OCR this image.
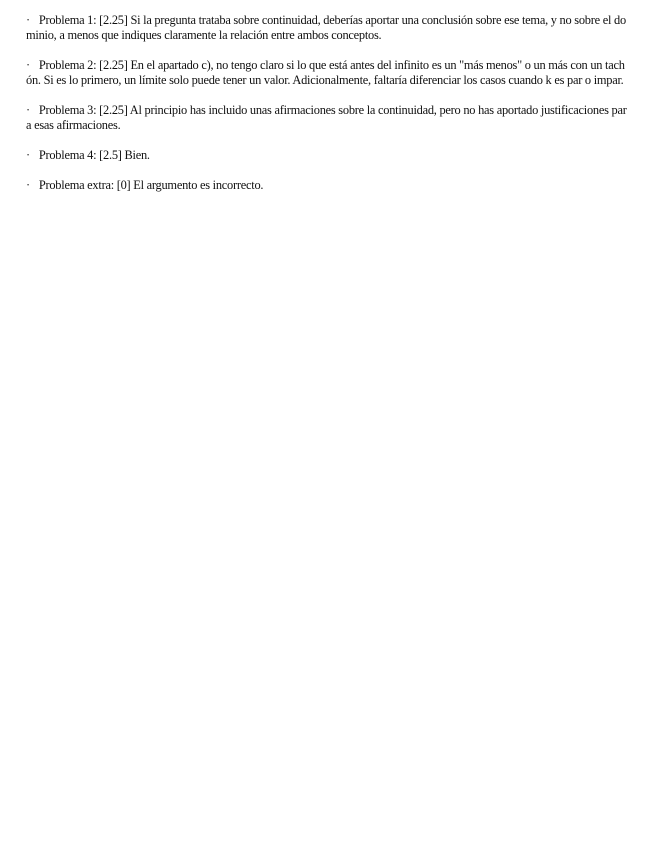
· Problema 1: [2.25] Si la pregunta trataba sobre continuidad, deberías aportar una conclusión sobre ese tema, y no sobre el dominio, a menos que indiques claramente la relación entre ambos conceptos.

· Problema 2: [2.25] En el apartado c), no tengo claro si lo que está antes del infinito es un "más menos" o un más con un tachón. Si es lo primero, un límite solo puede tener un valor. Adicionalmente, faltaría diferenciar los casos cuando k es par o impar.

· Problema 3: [2.25] Al principio has incluido unas afirmaciones sobre la continuidad, pero no has aportado justificaciones para esas afirmaciones.

· Problema 4: [2.5] Bien.

· Problema extra: [0] El argumento es incorrecto.
